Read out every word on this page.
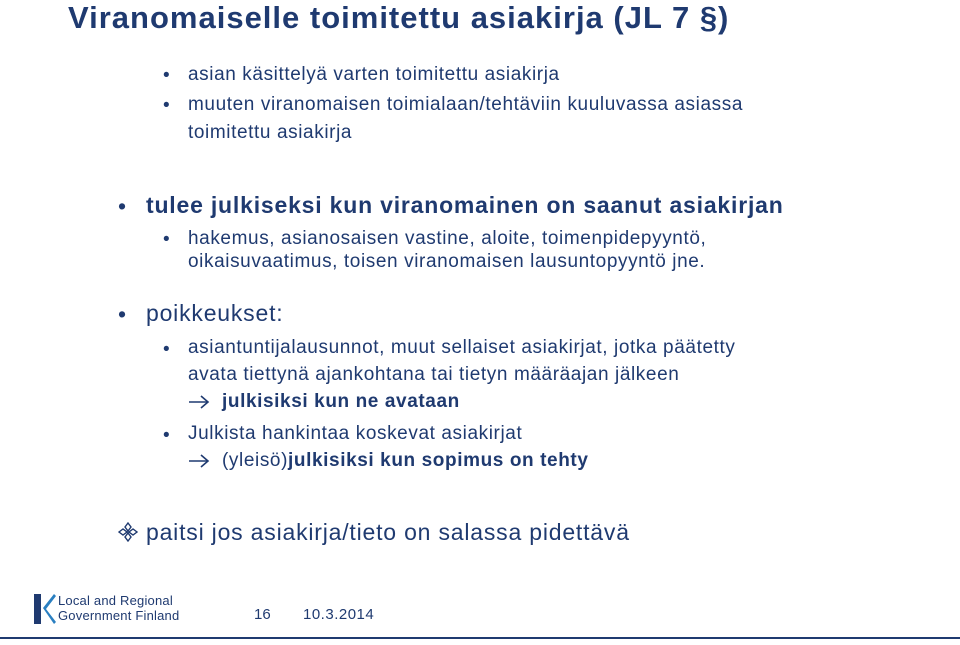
Viranomaiselle toimitettu asiakirja (JL 7 §)
• asian käsittelyä varten toimitettu asiakirja

• muuten viranomaisen toimialaan/tehtäviin kuuluvassa asiassa

toimitettu asiakirja

• tulee julkiseksi kun viranomainen on saanut asiakirjan

• hakemus, asianosaisen vastine, aloite, toimenpidepyyntö,

oikaisuvaatimus, toisen viranomaisen lausuntopyyntö jne.

• poikkeukset:

• asiantuntijalausunnot, muut sellaiset asiakirjat, jotka päätetty

avata tiettynä ajankohtana tai tietyn määräajan jälkeen

julkisiksi kun ne avataan

• Julkista hankintaa koskevat asiakirjat

(yleisö)julkisiksi kun sopimus on tehty

paitsi jos asiakirja/tieto on salassa pidettävä

Local and Regional
Government Finland	16 10.3.2014
